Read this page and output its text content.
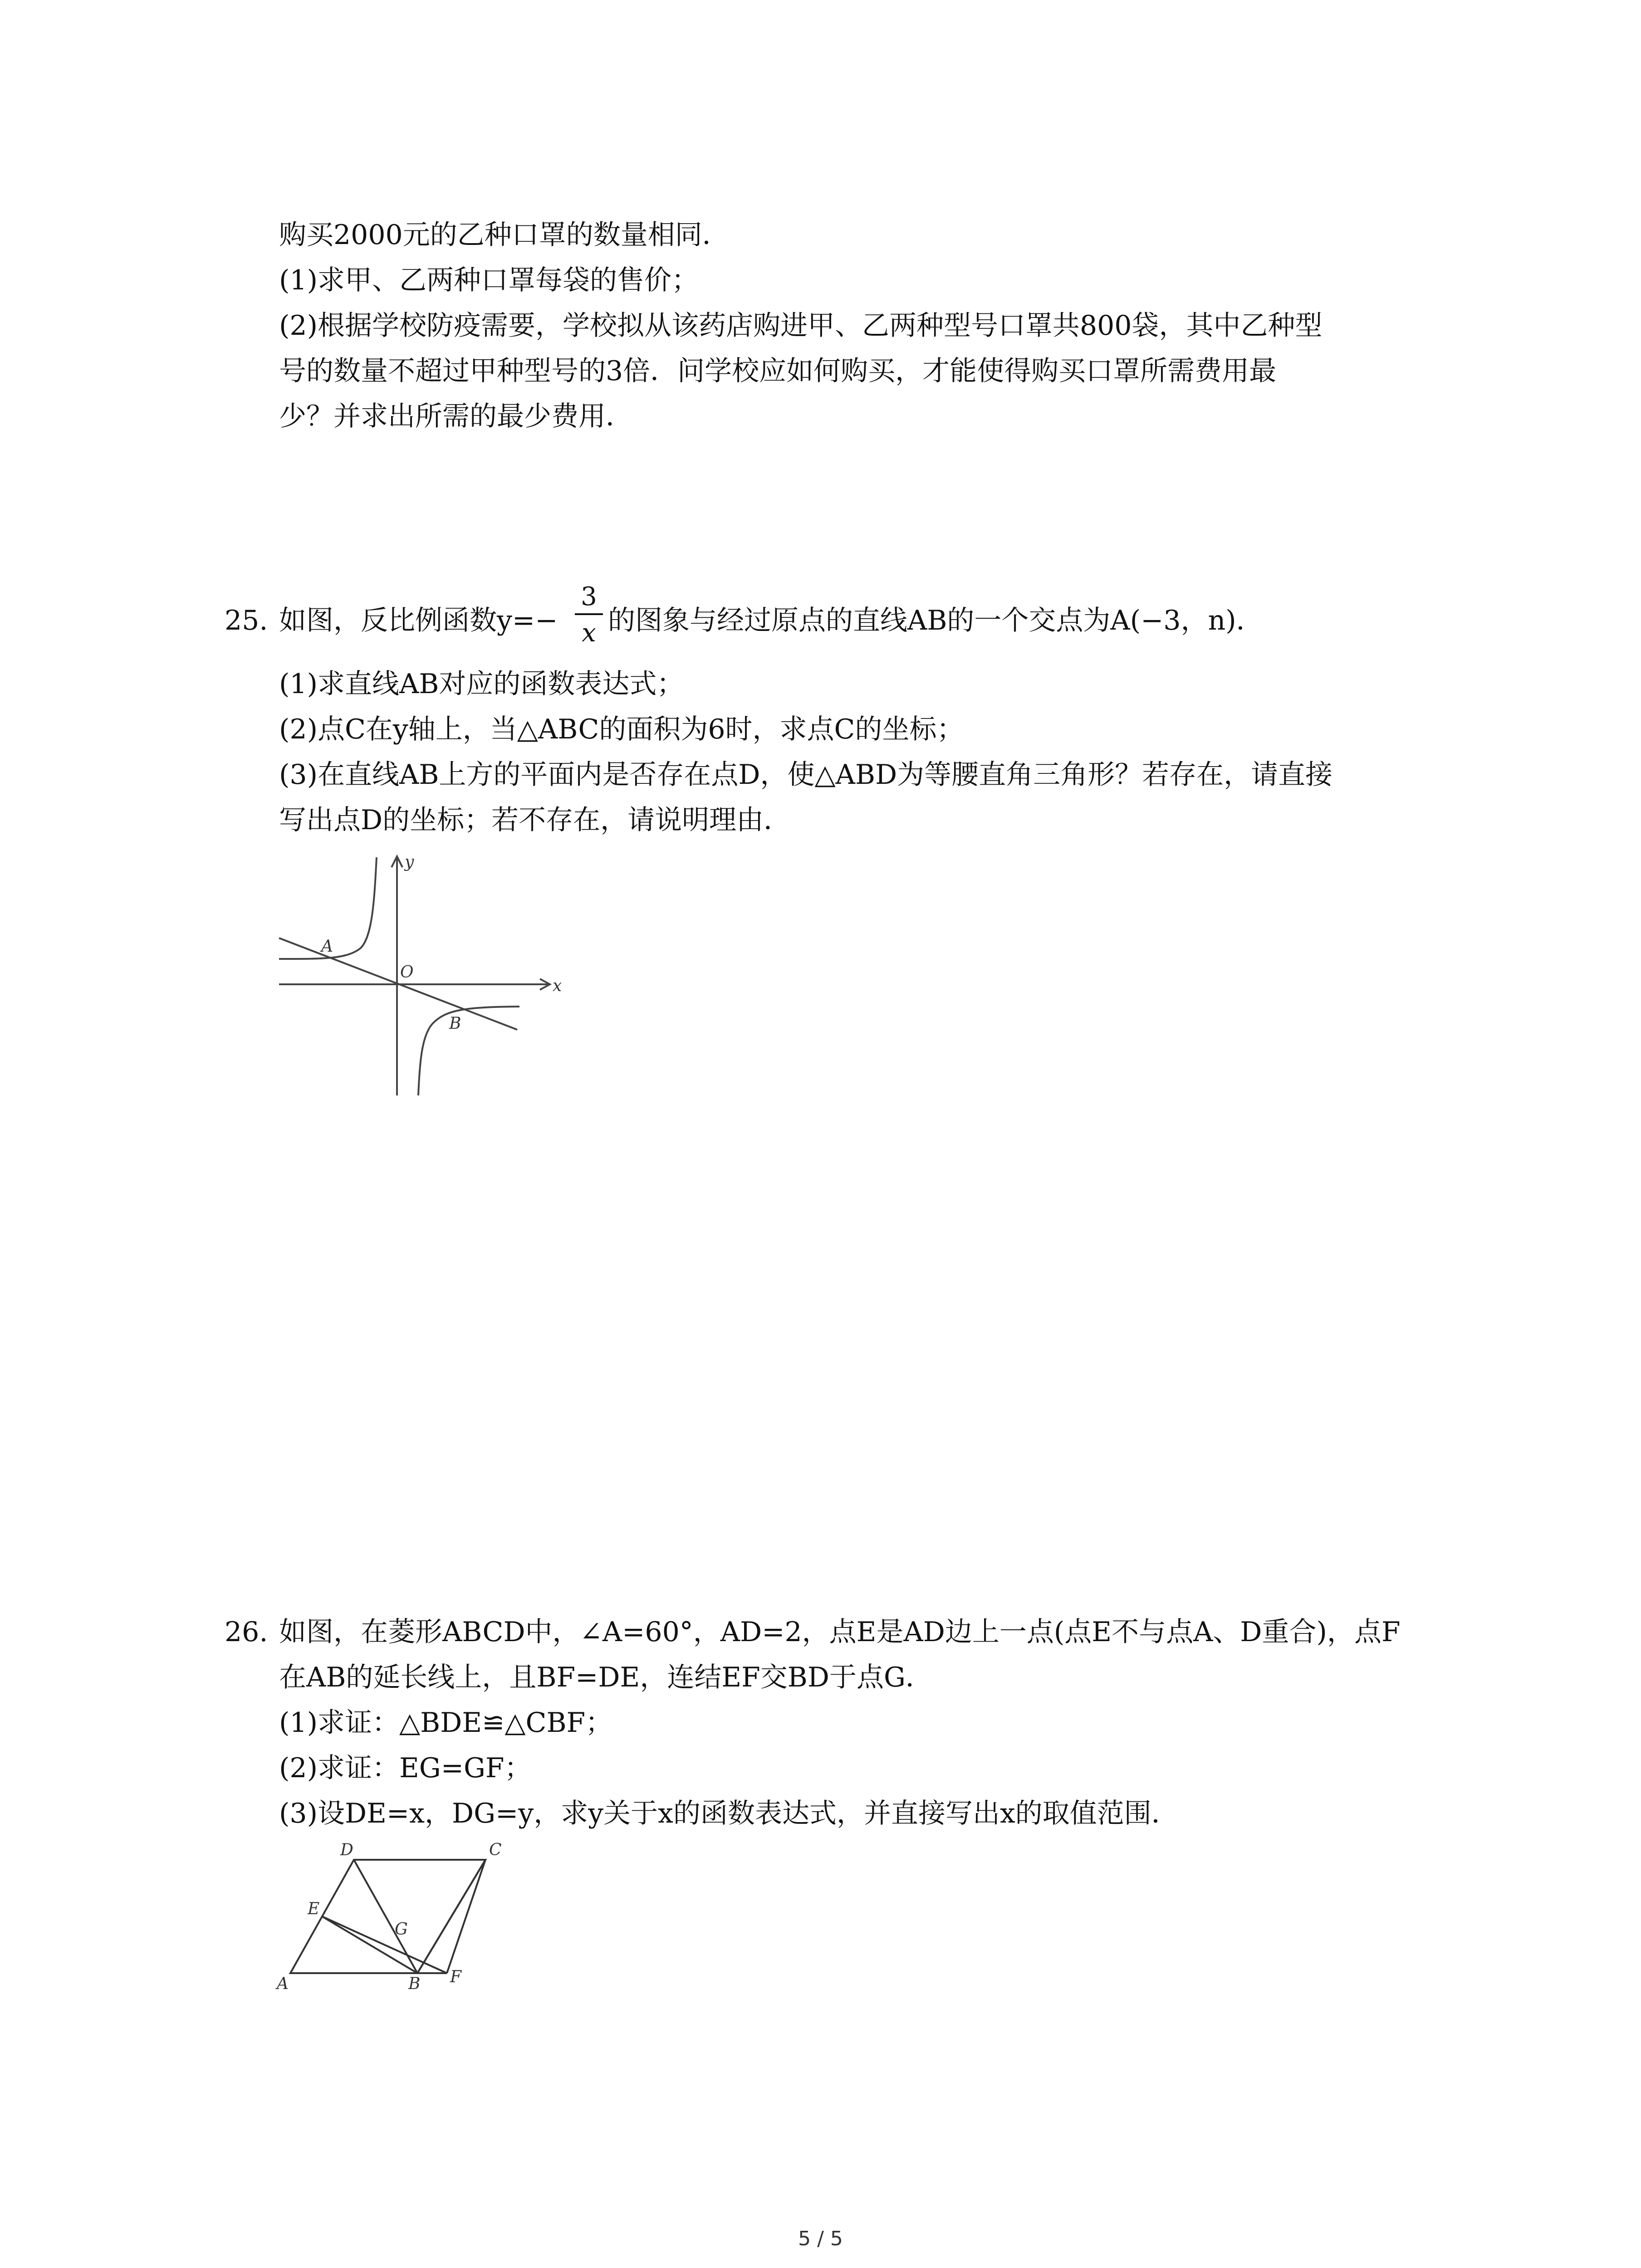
购买2000元的乙种口罩的数量相同．
(1)求甲、乙两种口罩每袋的售价；
(2)根据学校防疫需要，学校拟从该药店购进甲、乙两种型号口罩共800袋，其中乙种型
号的数量不超过甲种型号的3倍．问学校应如何购买，才能使得购买口罩所需费用最
少？并求出所需的最少费用．
25. 如图，反比例函数y=−
3
x 的图象与经过原点的直线AB的一个交点为A(−3，n)．
(1)求直线AB对应的函数表达式；
(2)点C在y轴上，当△ABC的面积为6时，求点C的坐标；
(3)在直线AB上方的平面内是否存在点D，使△ABD为等腰直角三角形？若存在，请直接
写出点D的坐标；若不存在，请说明理由．
y
x
O
A
B
26. 如图，在菱形ABCD中，∠A=60°，AD=2，点E是AD边上一点(点E不与点A、D重合)，点F
在AB的延长线上，且BF=DE，连结EF交BD于点G．
(1)求证：△BDE≌△CBF；
(2)求证：EG=GF；
(3)设DE=x，DG=y，求y关于x的函数表达式，并直接写出x的取值范围．
D	C
E
G
A	B F
5 / 5
